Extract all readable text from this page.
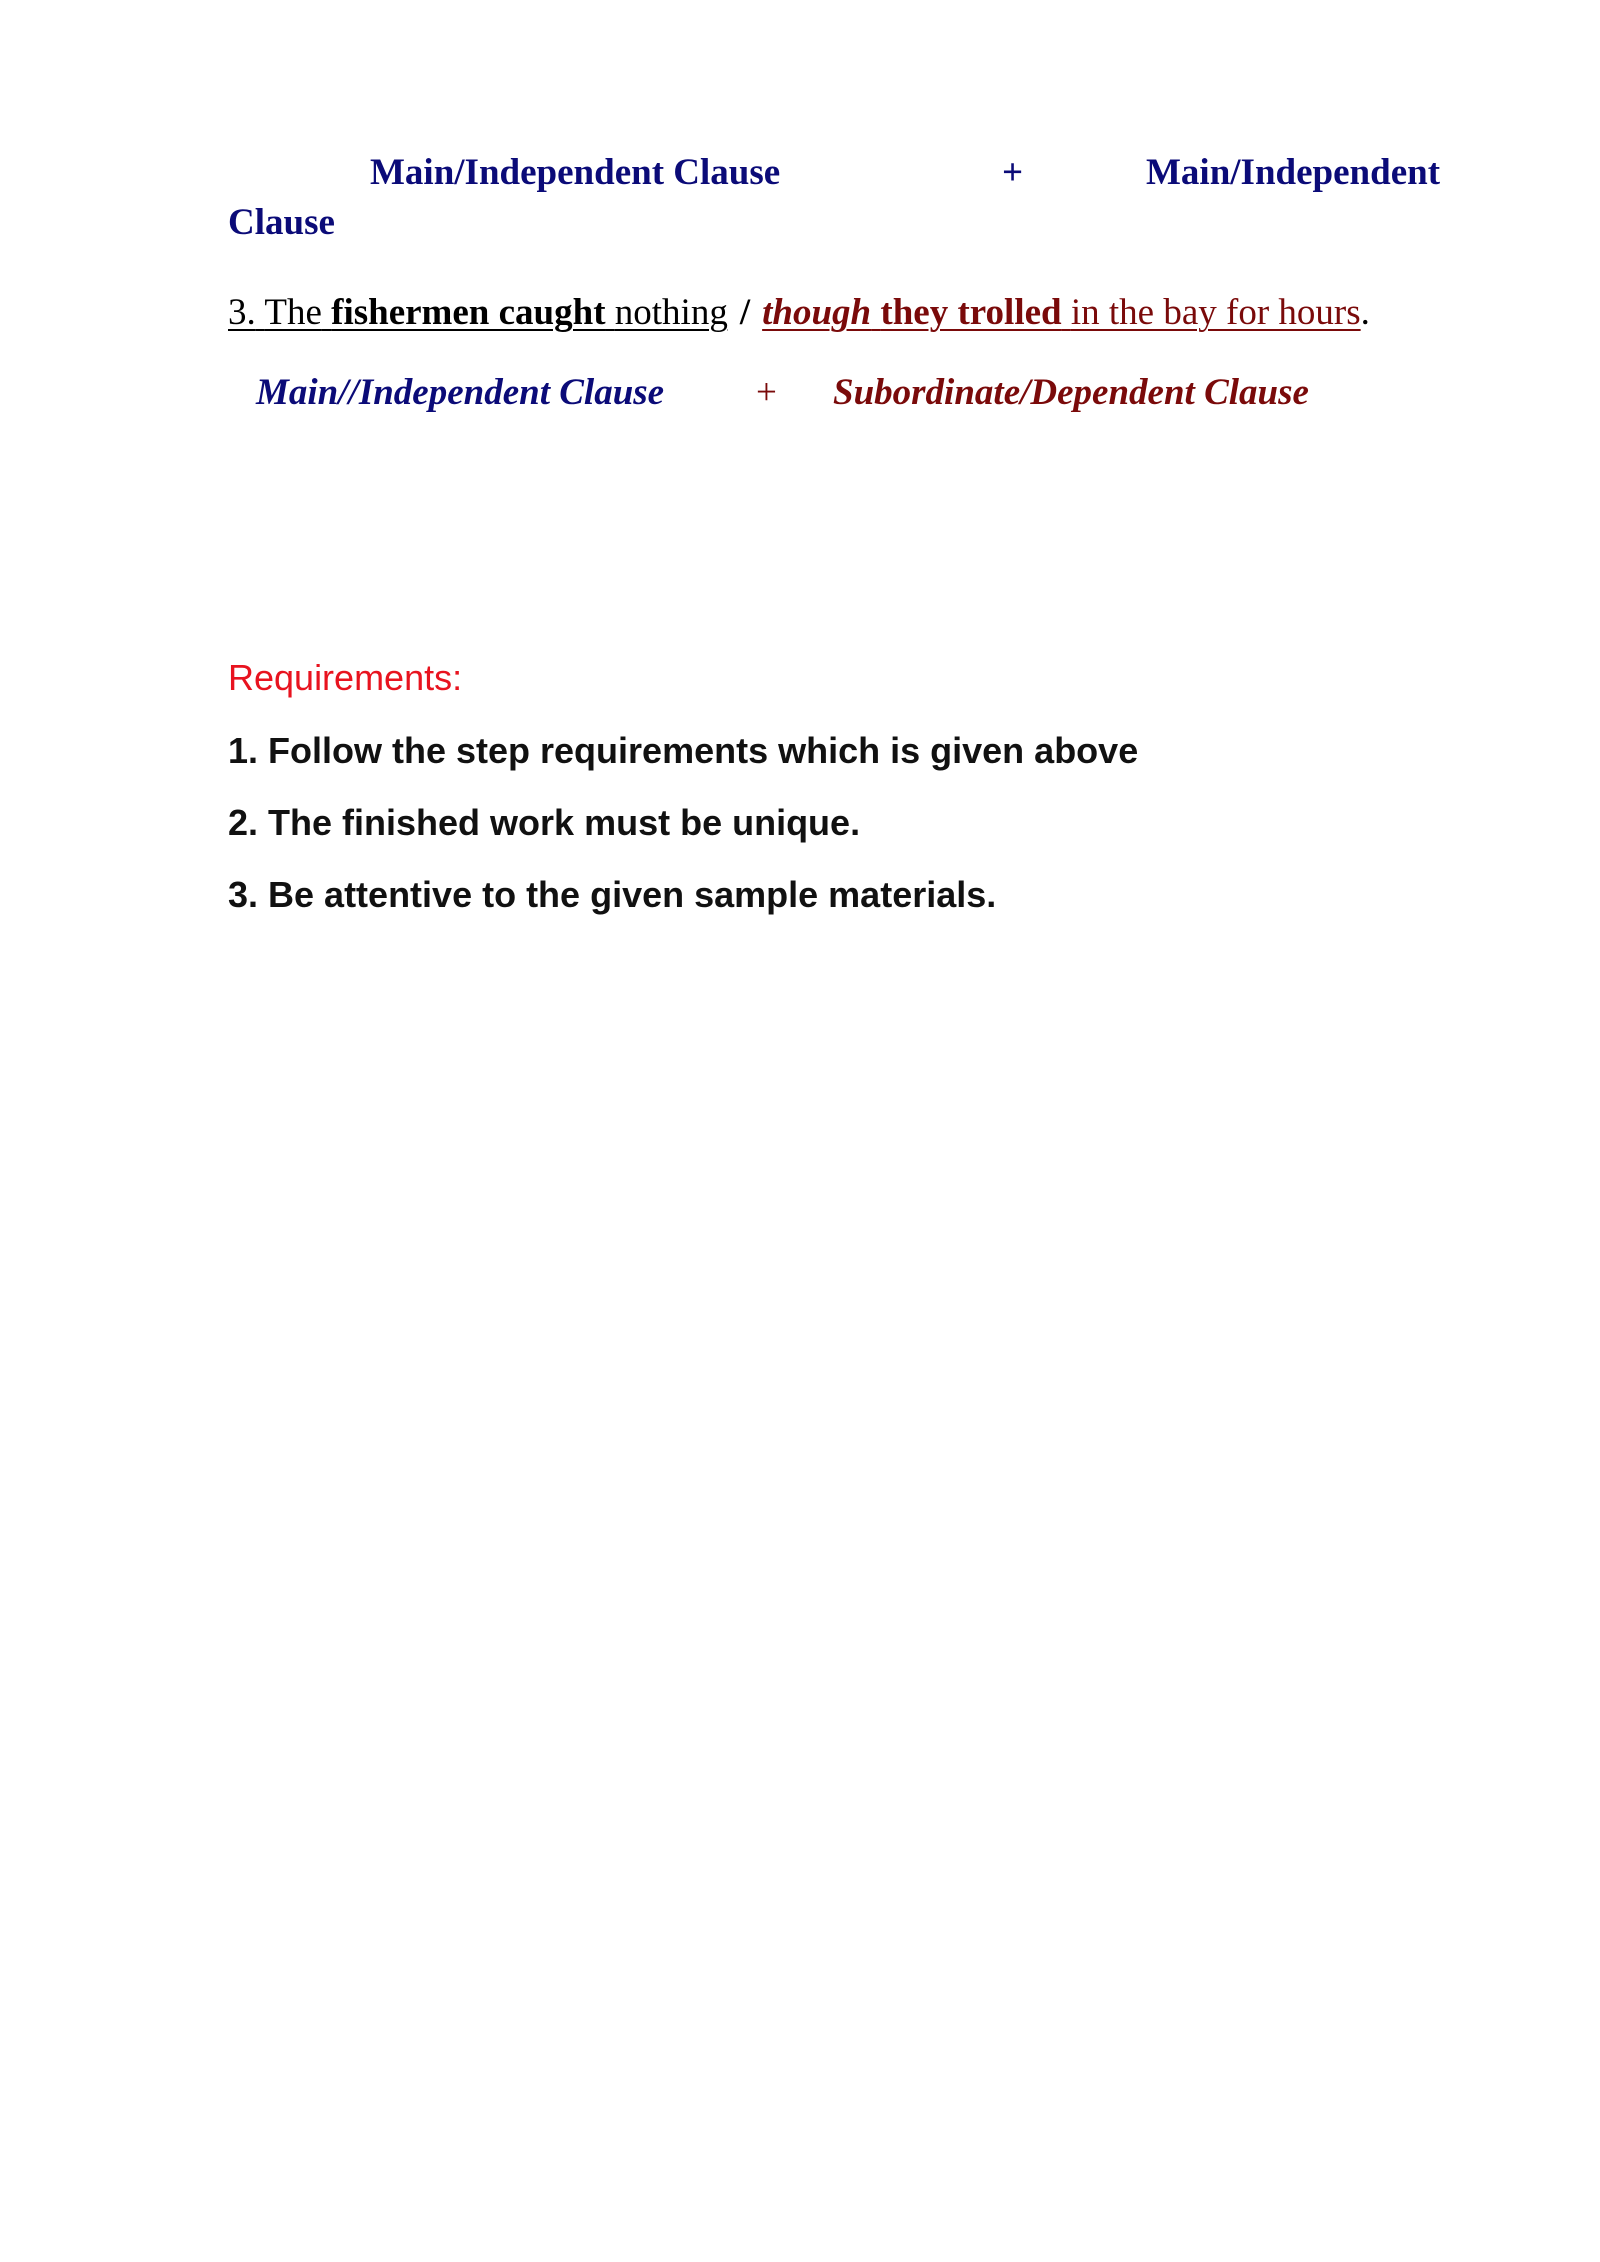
Main/Independent Clause	+	Main/Independent
Clause
3. The fishermen caught nothing / though they trolled in the bay for hours.
Main//Independent Clause + Subordinate/Dependent Clause
Requirements:
1. Follow the step requirements which is given above
2. The finished work must be unique.
3. Be attentive to the given sample materials.
